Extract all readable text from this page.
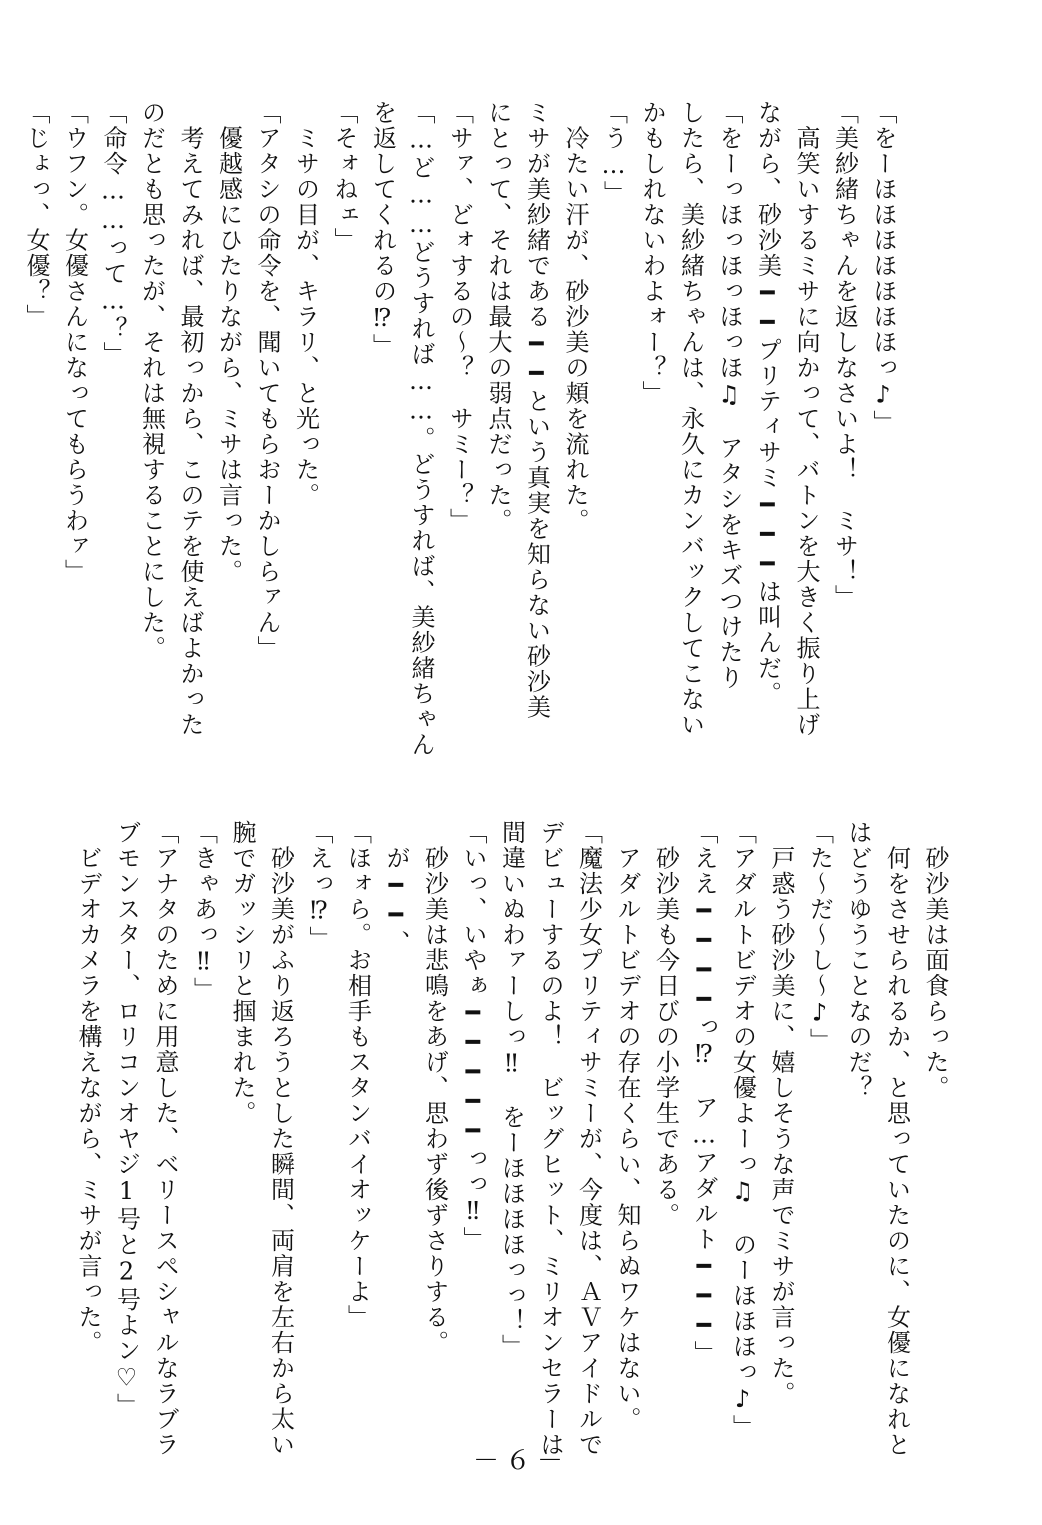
「をーほほほほほほほっ♪」
「美紗緒ちゃんを返しなさいよ！　ミサ！」
　高笑いするミサに向かって、バトンを大きく振り上げ
ながら、砂沙美━━プリティサミ━━━は叫んだ。
「をーっほっほっほっほ♫　アタシをキズつけたり
したら、美紗緒ちゃんは、永久にカンバックしてこない
かもしれないわよォー？」
「う…」
　冷たい汗が、砂沙美の頬を流れた。
ミサが美紗緒である━━という真実を知らない砂沙美
にとって、それは最大の弱点だった。
「サァ、どォするの～？　サミー？」
「…ど……どうすれば……。どうすれば、美紗緒ちゃん
を返してくれるの⁉」
「そォねェ」
　ミサの目が、キラリ、と光った。
「アタシの命令を、聞いてもらおーかしらァん」
　優越感にひたりながら、ミサは言った。
　考えてみれば、最初っから、このテを使えばよかった
のだとも思ったが、それは無視することにした。
「命令……って…？」
「ウフン。女優さんになってもらうわァ」
「じょっ、女優？」
　砂沙美は面食らった。
　何をさせられるか、と思っていたのに、女優になれと
はどうゆうことなのだ？
「た～だ～し～♪」
　戸惑う砂沙美に、嬉しそうな声でミサが言った。
「アダルトビデオの女優よーっ♫　のーほほほっ♪」
「ええ━━━━っ⁉　ア…アダルト━━━」
　砂沙美も今日びの小学生である。
　アダルトビデオの存在くらい、知らぬワケはない。
「魔法少女プリティサミーが、今度は、ＡＶアイドルで
デビューするのよ！　ビッグヒット、ミリオンセラーは
間違いぬわァーしっ‼　をーほほほほっっ！」
「いっ、いやぁ━━━━━っっ‼」
　砂沙美は悲鳴をあげ、思わず後ずさりする。
　が━━、
「ほォら。お相手もスタンバイオッケーよ」
「えっ⁉」
　砂沙美がふり返ろうとした瞬間、両肩を左右から太い
腕でガッシリと掴まれた。
「きゃあっ‼」
「アナタのために用意した、ベリースペシャルなラブラ
ブモンスター、ロリコンオヤジ1号と2号よン♡」
　ビデオカメラを構えながら、ミサが言った。
－６－
